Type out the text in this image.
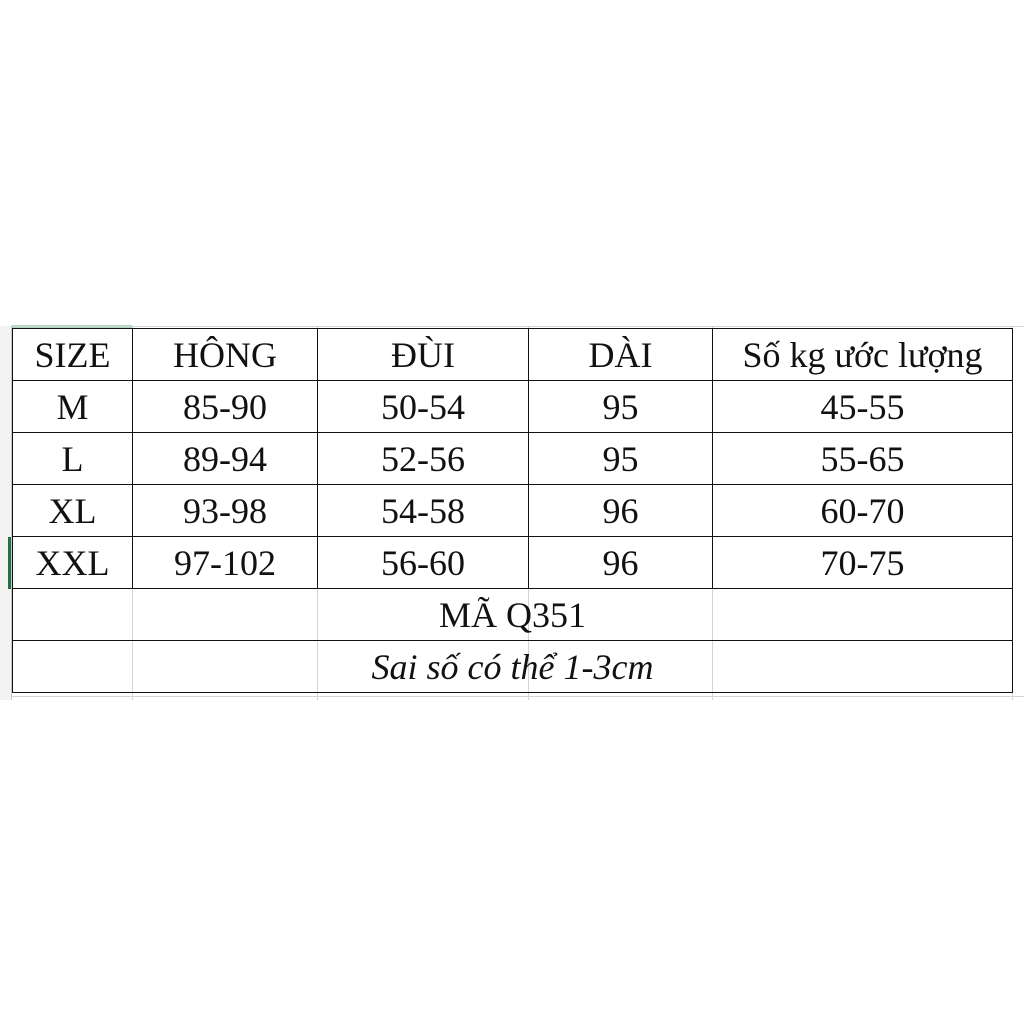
SIZE	HÔNG	ĐÙI	DÀI	Số kg ước lượng
M	85-90	50-54	95	45-55
L	89-94	52-56	95	55-65
XL	93-98	54-58	96	60-70
XXL	97-102	56-60	96	70-75
MÃ Q351				
Sai số có thể 1-3cm				
